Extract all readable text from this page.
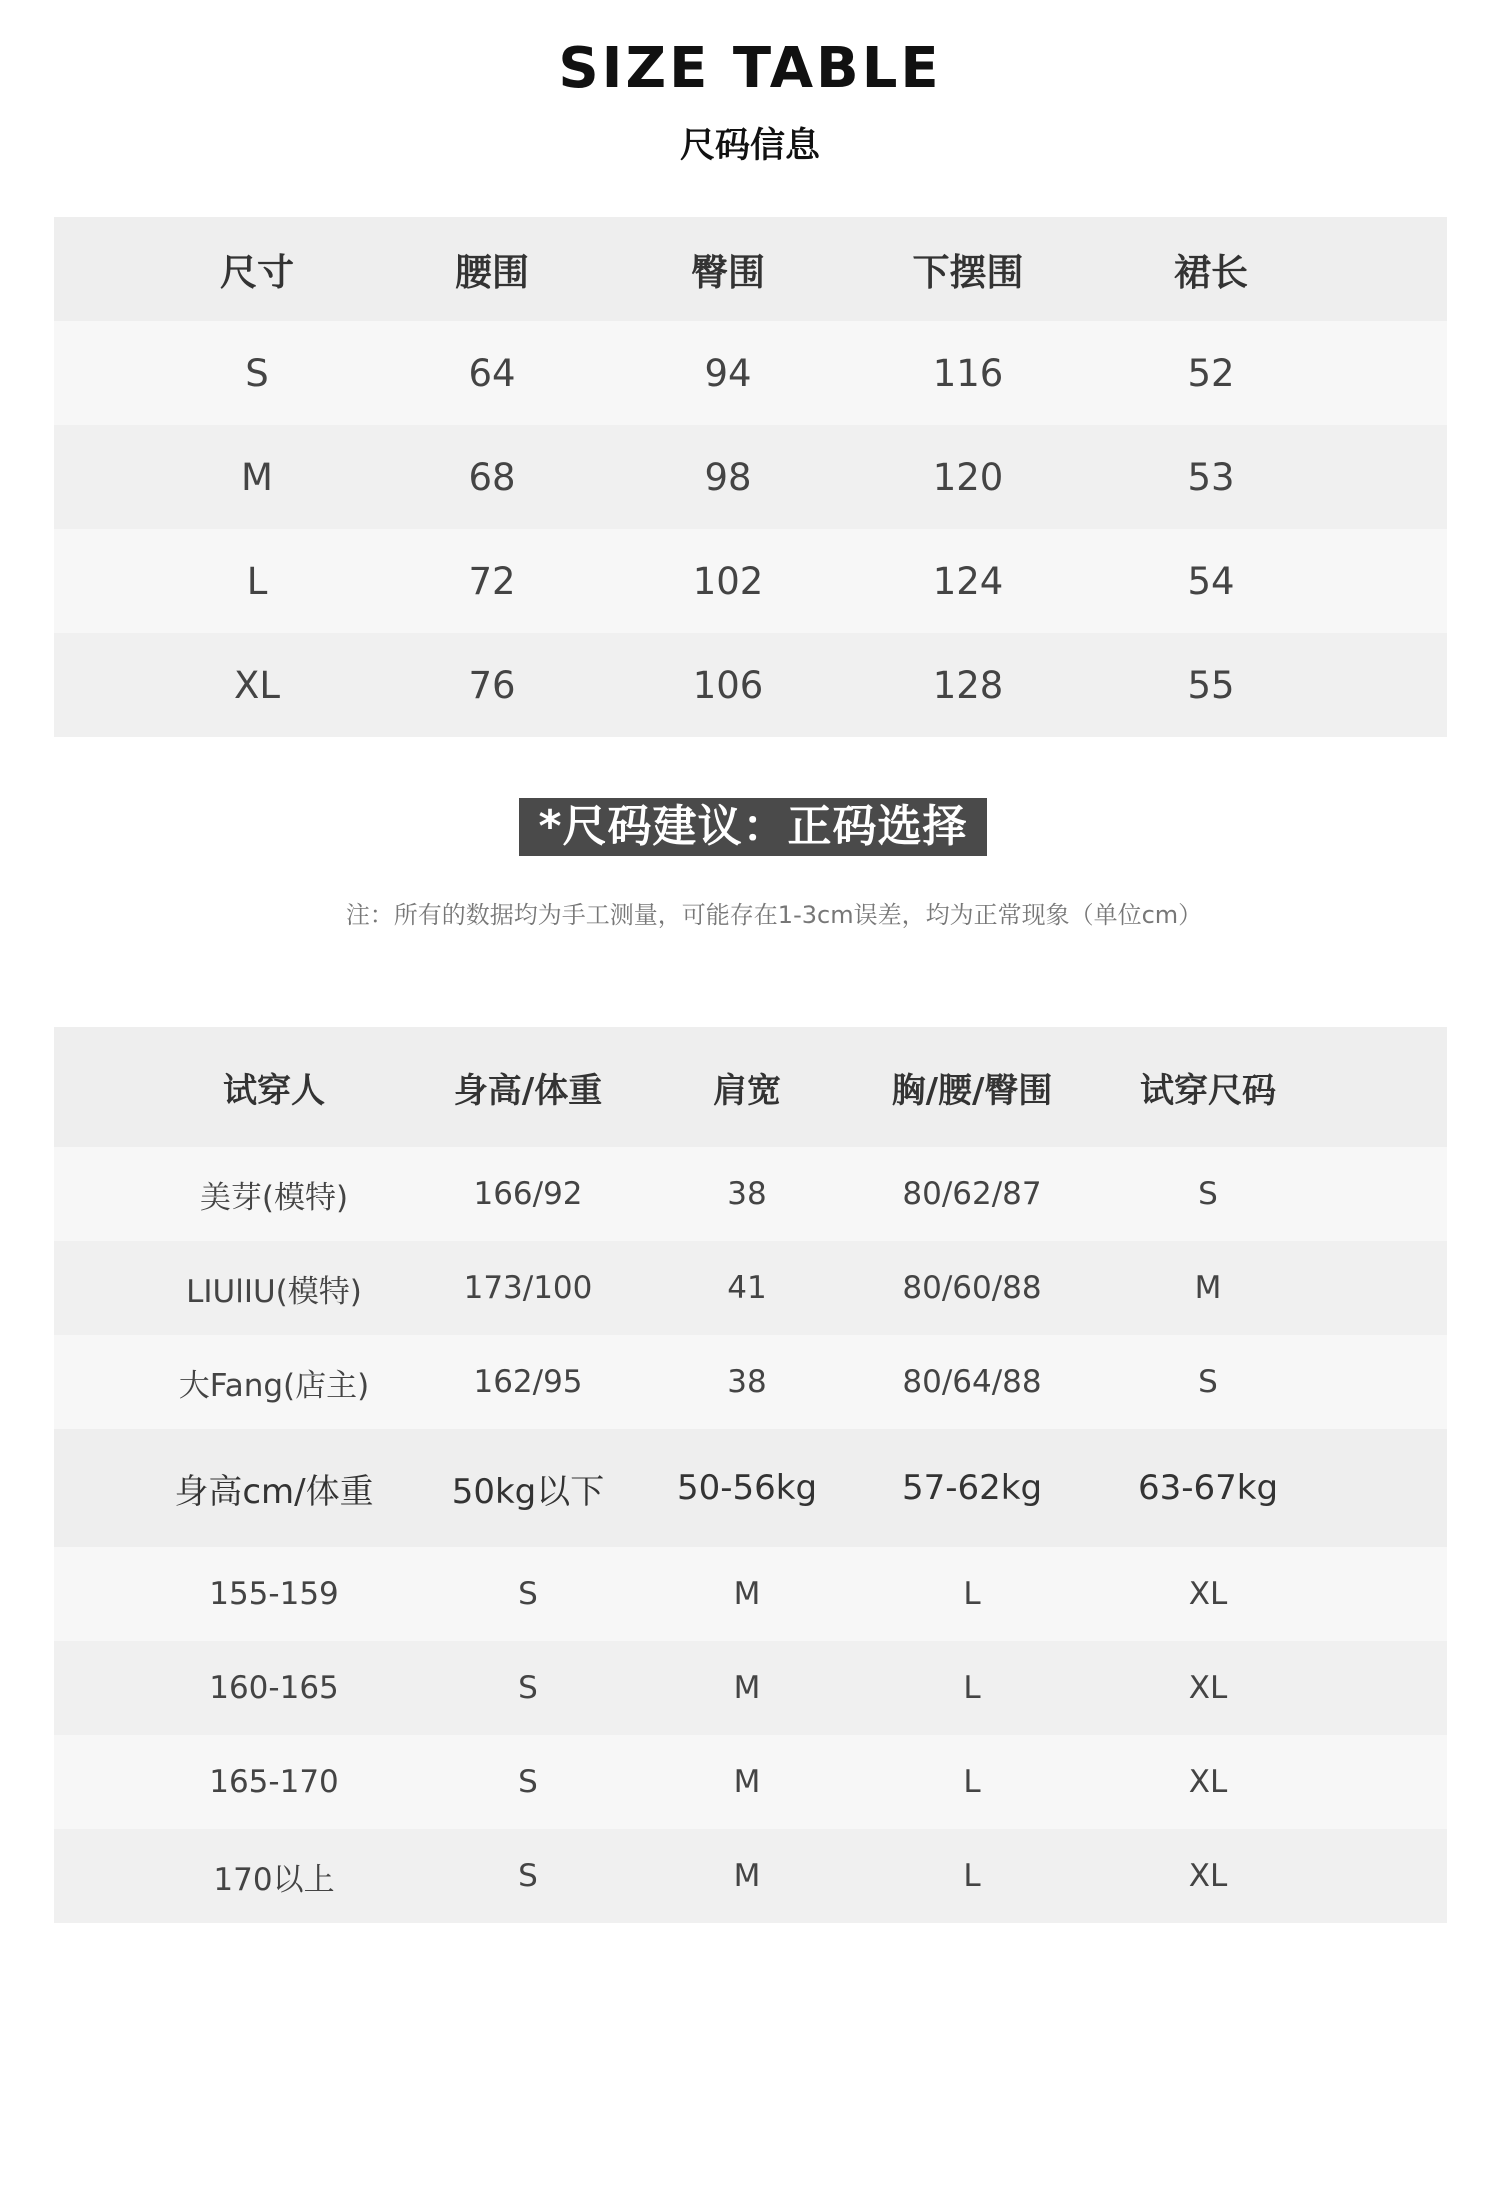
SIZE TABLE
尺码信息
尺寸	腰围	臀围	下摆围	裙长
S	64	94	116	52
M	68	98	120	53
L	72	102	124	54
XL	76	106	128	55
*尺码建议：正码选择
注：所有的数据均为手工测量，可能存在1-3cm误差，均为正常现象（单位cm）
试穿人	身高/体重	肩宽	胸/腰/臀围	试穿尺码
美芽(模特)	166/92	38	80/62/87	S
LIUlIU(模特)	173/100	41	80/60/88	M
大Fang(店主)	162/95	38	80/64/88	S
身高cm/体重	50kg以下	50-56kg	57-62kg	63-67kg
155-159	S	M	L	XL
160-165	S	M	L	XL
165-170	S	M	L	XL
170以上	S	M	L	XL
